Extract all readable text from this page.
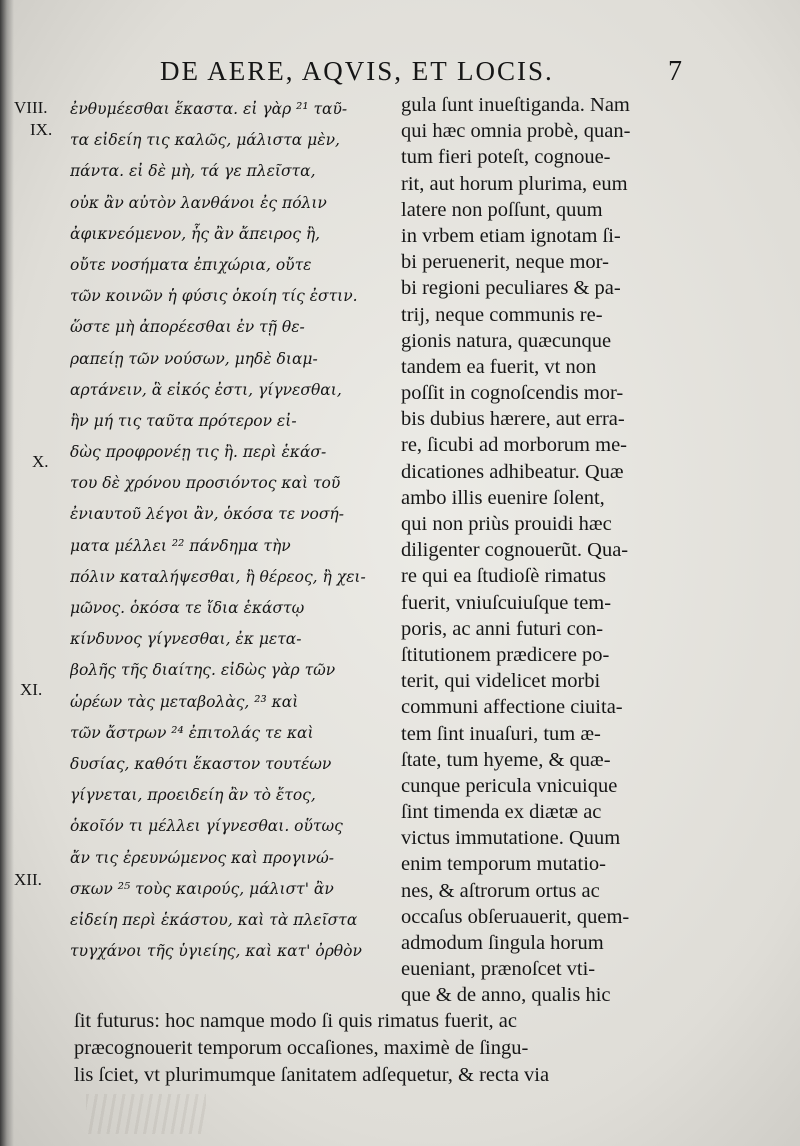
DE AERE, AQVIS, ET LOCIS.	7
VIII.
IX.
X.
XI.
XII.
ἐνθυμέεσθαι ἕκαστα. εἰ γὰρ ²¹ ταῦ-
τα εἰδείη τις καλῶς, μάλιστα μὲν,
πάντα. εἰ δὲ μὴ, τά γε πλεῖστα,
οὐκ ἂν αὐτὸν λανθάνοι ἐς πόλιν
ἀφικνεόμενον, ἧς ἂν ἄπειρος ἢ,
οὔτε νοσήματα ἐπιχώρια, οὔτε
τῶν κοινῶν ἡ φύσις ὁκοίη τίς ἐστιν.
ὥστε μὴ ἀπορέεσθαι ἐν τῇ θε-
ραπείῃ τῶν νούσων, μηδὲ διαμ-
αρτάνειν, ἃ εἰκός ἐστι, γίγνεσθαι,
ἢν μή τις ταῦτα πρότερον εἰ-
δὼς προφρονέῃ τις ἢ. περὶ ἑκάσ-
του δὲ χρόνου προσιόντος καὶ τοῦ
ἐνιαυτοῦ λέγοι ἂν, ὁκόσα τε νοσή-
ματα μέλλει ²² πάνδημα τὴν
πόλιν καταλήψεσθαι, ἢ θέρεος, ἢ χει-
μῶνος. ὁκόσα τε ἴδια ἑκάστῳ
κίνδυνος γίγνεσθαι, ἐκ μετα-
βολῆς τῆς διαίτης. εἰδὼς γὰρ τῶν
ὡρέων τὰς μεταβολὰς, ²³ καὶ
τῶν ἄστρων ²⁴ ἐπιτολάς τε καὶ
δυσίας, καθότι ἕκαστον τουτέων
γίγνεται, προειδείη ἂν τὸ ἔτος,
ὁκοῖόν τι μέλλει γίγνεσθαι. οὕτως
ἄν τις ἐρευνώμενος καὶ προγινώ-
σκων ²⁵ τοὺς καιρούς, μάλιστ' ἂν
εἰδείη περὶ ἑκάστου, καὶ τὰ πλεῖστα
τυγχάνοι τῆς ὑγιείης, καὶ κατ' ὀρθὸν
gula ſunt inueſtiganda. Nam
qui hæc omnia probè, quan-
tum fieri poteſt, cognoue-
rit, aut horum plurima, eum
latere non poſſunt, quum
in vrbem etiam ignotam ſi-
bi peruenerit, neque mor-
bi regioni peculiares & pa-
trij, neque communis re-
gionis natura, quæcunque
tandem ea fuerit, vt non
poſſit in cognoſcendis mor-
bis dubius hærere, aut erra-
re, ſicubi ad morborum me-
dicationes adhibeatur. Quæ
ambo illis euenire ſolent,
qui non priùs prouidi hæc
diligenter cognouerũt. Qua-
re qui ea ſtudioſè rimatus
fuerit, vniuſcuiuſque tem-
poris, ac anni futuri con-
ſtitutionem prædicere po-
terit, qui videlicet morbi
communi affectione ciuita-
tem ſint inuaſuri, tum æ-
ſtate, tum hyeme, & quæ-
cunque pericula vnicuique
ſint timenda ex diætæ ac
victus immutatione. Quum
enim temporum mutatio-
nes, & aſtrorum ortus ac
occaſus obſeruauerit, quem-
admodum ſingula horum
eueniant, prænoſcet vti-
que & de anno, qualis hic
ſit futurus: hoc namque modo ſi quis rimatus fuerit, ac
præcognouerit temporum occaſiones, maximè de ſingu-
lis ſciet, vt plurimumque ſanitatem adſequetur, & recta via
